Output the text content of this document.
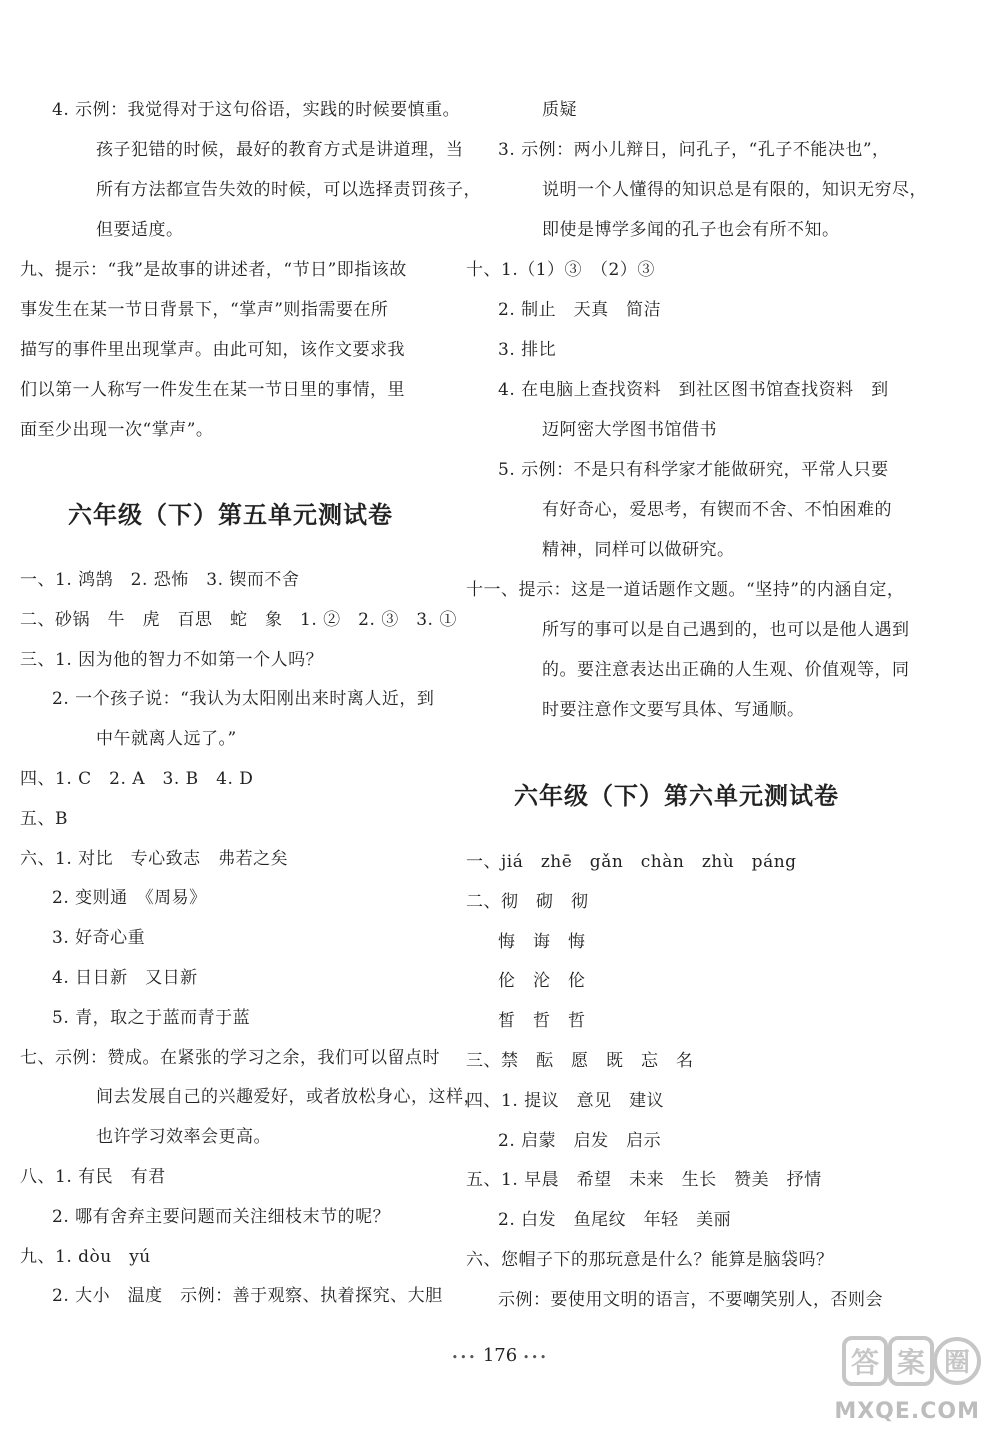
4. 示例：我觉得对于这句俗语，实践的时候要慎重。
孩子犯错的时候，最好的教育方式是讲道理，当
所有方法都宣告失效的时候，可以选择责罚孩子，
但要适度。
九、提示：“我”是故事的讲述者，“节日”即指该故
事发生在某一节日背景下，“掌声”则指需要在所
描写的事件里出现掌声。由此可知，该作文要求我
们以第一人称写一件发生在某一节日里的事情，里
面至少出现一次“掌声”。
六年级（下）第五单元测试卷
一、1. 鸿鹄　2. 恐怖　3. 锲而不舍
二、砂锅　牛　虎　百思　蛇　象　1. ②　2. ③　3. ①
三、1. 因为他的智力不如第一个人吗？
2. 一个孩子说：“我认为太阳刚出来时离人近，到
中午就离人远了。”
四、1. C　2. A　3. B　4. D
五、B
六、1. 对比　专心致志　弗若之矣
2. 变则通　《周易》
3. 好奇心重
4. 日日新　又日新
5. 青，取之于蓝而青于蓝
七、示例：赞成。在紧张的学习之余，我们可以留点时
间去发展自己的兴趣爱好，或者放松身心，这样，
也许学习效率会更高。
八、1. 有民　有君
2. 哪有舍弃主要问题而关注细枝末节的呢？
九、1. dòu　yú
2. 大小　温度　示例：善于观察、执着探究、大胆
质疑
3. 示例：两小儿辩日，问孔子，“孔子不能决也”，
说明一个人懂得的知识总是有限的，知识无穷尽，
即使是博学多闻的孔子也会有所不知。
十、1.（1）③　（2）③
2. 制止　天真　简洁
3. 排比
4. 在电脑上查找资料　到社区图书馆查找资料　到
迈阿密大学图书馆借书
5. 示例：不是只有科学家才能做研究，平常人只要
有好奇心，爱思考，有锲而不舍、不怕困难的
精神，同样可以做研究。
十一、提示：这是一道话题作文题。“坚持”的内涵自定，
所写的事可以是自己遇到的，也可以是他人遇到
的。要注意表达出正确的人生观、价值观等，同
时要注意作文要写具体、写通顺。
六年级（下）第六单元测试卷
一、jiá　zhē　gǎn　chàn　zhù　páng
二、彻　砌　彻
悔　诲　悔
伦　沦　伦
皙　哲　哲
三、禁　酝　愿　既　忘　名
四、1. 提议　意见　建议
2. 启蒙　启发　启示
五、1. 早晨　希望　未来　生长　赞美　抒情
2. 白发　鱼尾纹　年轻　美丽
六、您帽子下的那玩意是什么？能算是脑袋吗？
示例：要使用文明的语言，不要嘲笑别人，否则会
••• 176 •••	答 案 圈
MXQE.COM
